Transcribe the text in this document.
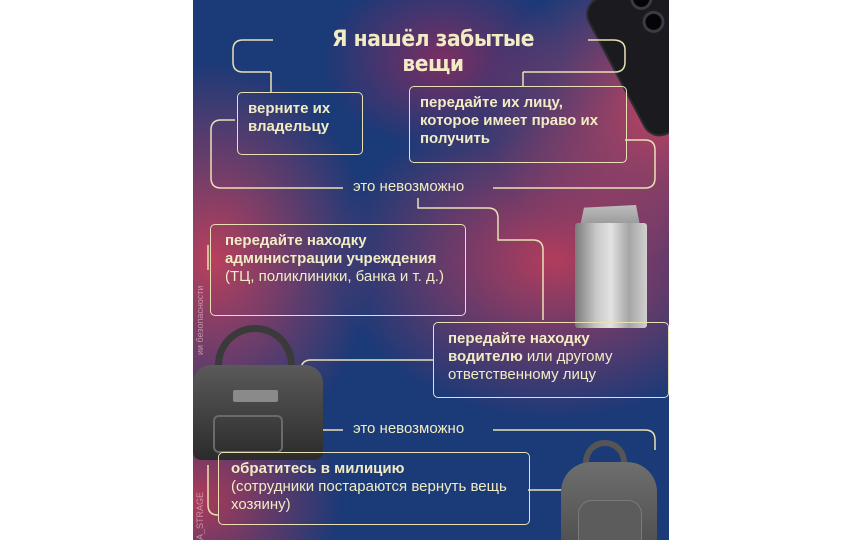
Я нашёл забытые вещи
верните их владельцу
передайте их лицу, которое имеет право их получить
это невозможно
передайте находку администрации учреждения (ТЦ, поликлиники, банка и т. д.)
передайте находку водителю или другому ответственному лицу
это невозможно
обратитесь в милицию
(сотрудники постараются вернуть вещь хозяину)
ии безопасности
A_STRAGE
